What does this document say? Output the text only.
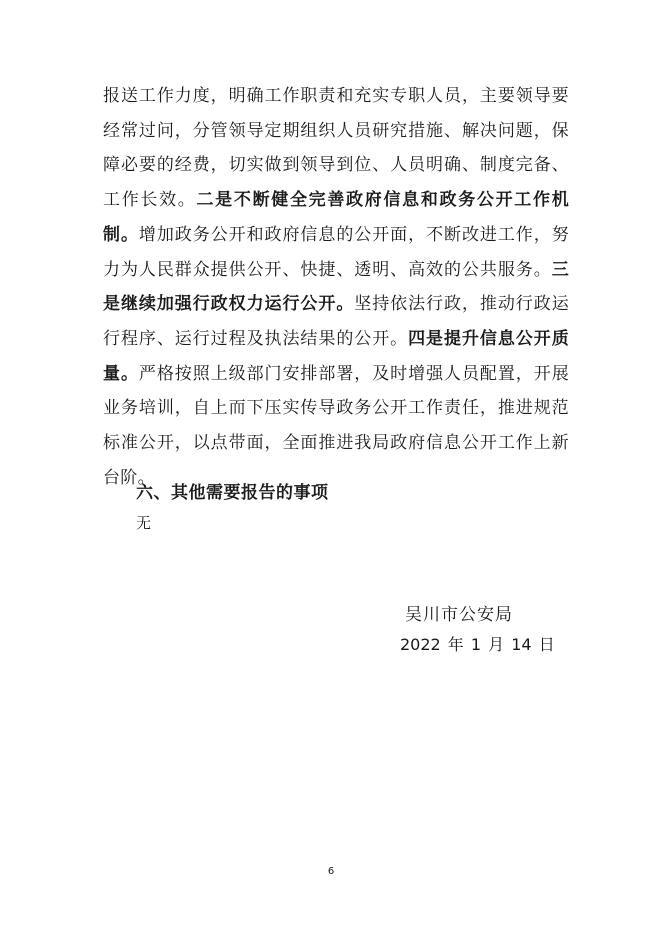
报送工作力度，明确工作职责和充实专职人员，主要领导要经常过问，分管领导定期组织人员研究措施、解决问题，保障必要的经费，切实做到领导到位、人员明确、制度完备、工作长效。二是不断健全完善政府信息和政务公开工作机制。增加政务公开和政府信息的公开面，不断改进工作，努力为人民群众提供公开、快捷、透明、高效的公共服务。三是继续加强行政权力运行公开。坚持依法行政，推动行政运行程序、运行过程及执法结果的公开。四是提升信息公开质量。严格按照上级部门安排部署，及时增强人员配置，开展业务培训，自上而下压实传导政务公开工作责任，推进规范标准公开，以点带面，全面推进我局政府信息公开工作上新台阶。

六、其他需要报告的事项

无

吴川市公安局

2022 年 1 月 14 日

6
